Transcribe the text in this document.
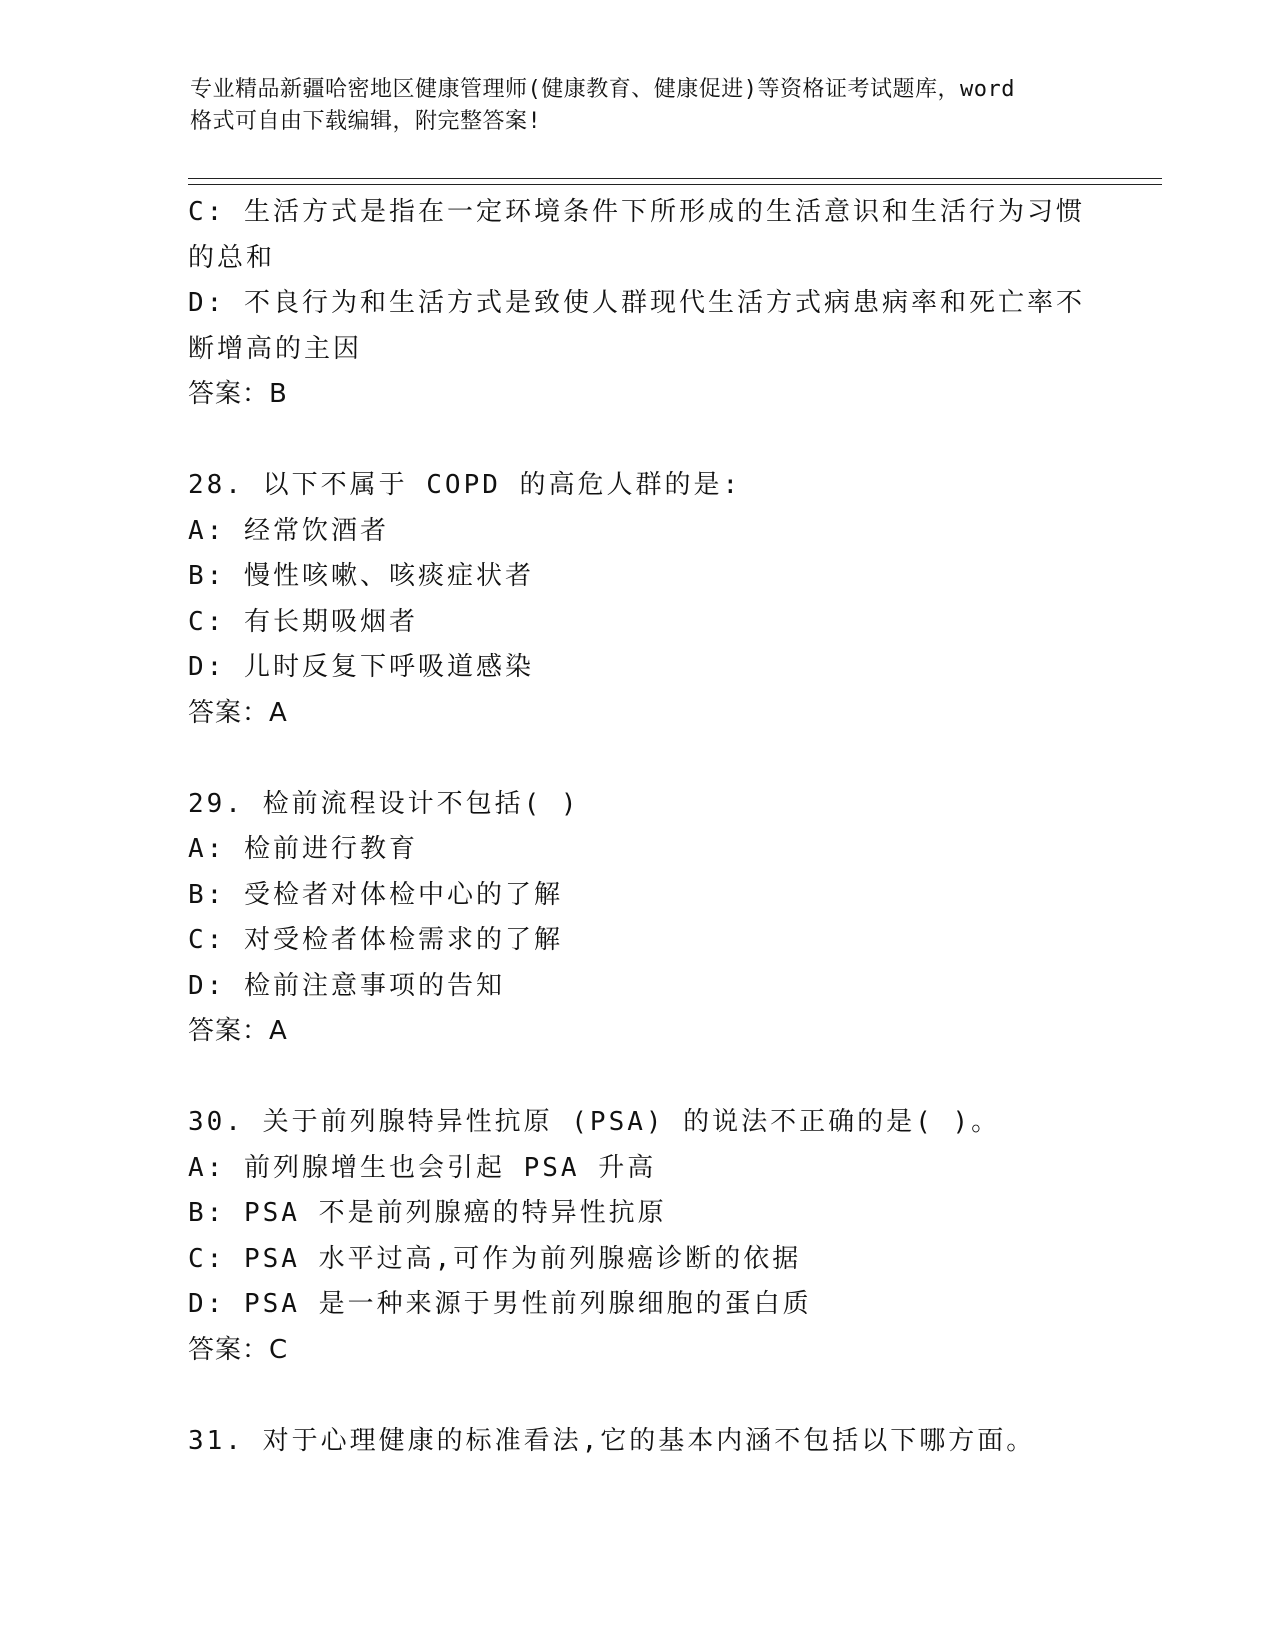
专业精品新疆哈密地区健康管理师(健康教育、健康促进)等资格证考试题库，word
格式可自由下载编辑，附完整答案!
C: 生活方式是指在一定环境条件下所形成的生活意识和生活行为习惯
的总和
D: 不良行为和生活方式是致使人群现代生活方式病患病率和死亡率不
断增高的主因
答案：B
28. 以下不属于 COPD 的高危人群的是:
A: 经常饮酒者
B: 慢性咳嗽、咳痰症状者
C: 有长期吸烟者
D: 儿时反复下呼吸道感染
答案：A
29. 检前流程设计不包括( )
A: 检前进行教育
B: 受检者对体检中心的了解
C: 对受检者体检需求的了解
D: 检前注意事项的告知
答案：A
30. 关于前列腺特异性抗原 (PSA) 的说法不正确的是( )。
A: 前列腺增生也会引起 PSA 升高
B: PSA 不是前列腺癌的特异性抗原
C: PSA 水平过高,可作为前列腺癌诊断的依据
D: PSA 是一种来源于男性前列腺细胞的蛋白质
答案：C
31. 对于心理健康的标准看法,它的基本内涵不包括以下哪方面。
